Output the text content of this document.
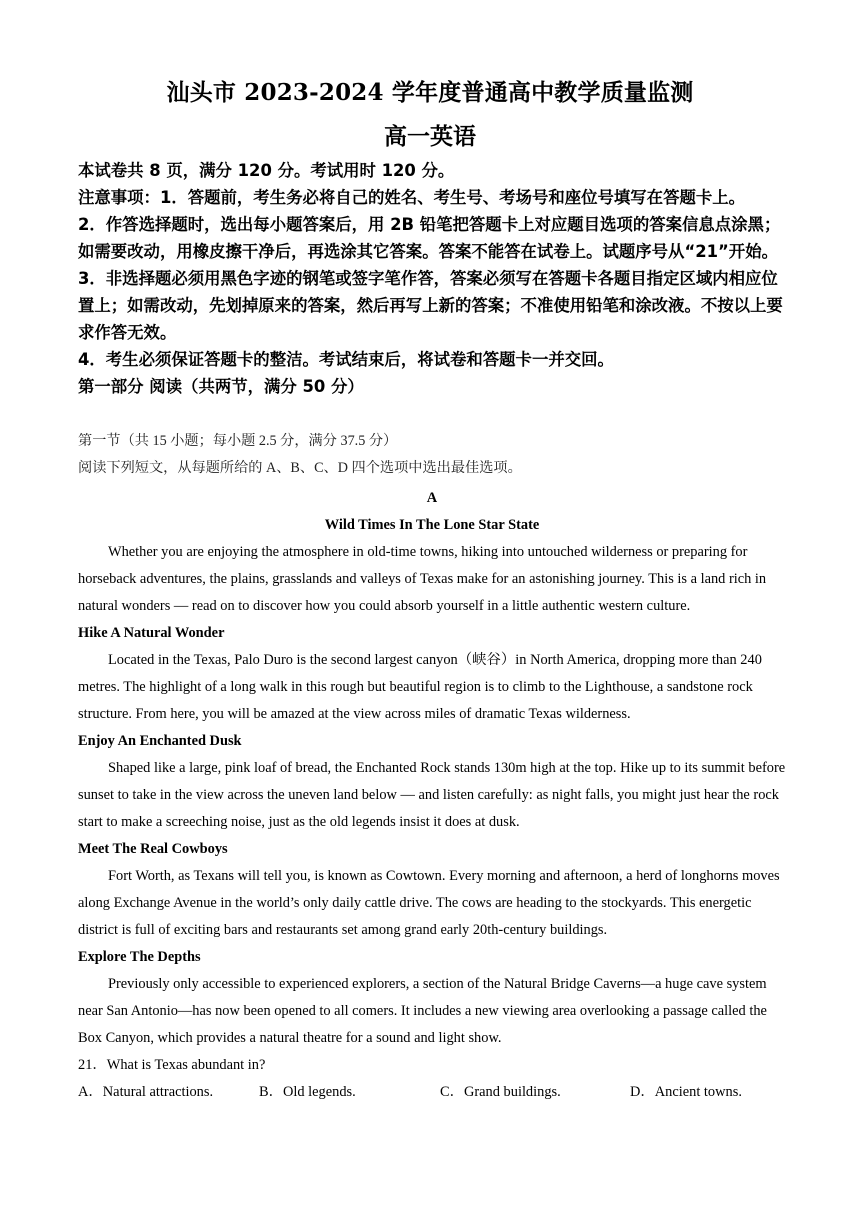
汕头市 2023-2024 学年度普通高中教学质量监测
高一英语

本试卷共 8 页，满分 120 分。考试用时 120 分。

注意事项：1．答题前，考生务必将自己的姓名、考生号、考场号和座位号填写在答题卡上。

2．作答选择题时，选出每小题答案后，用 2B 铅笔把答题卡上对应题目选项的答案信息点涂黑；如需要改动，用橡皮擦干净后，再选涂其它答案。答案不能答在试卷上。试题序号从“21”开始。

3．非选择题必须用黑色字迹的钢笔或签字笔作答，答案必须写在答题卡各题目指定区域内相应位置上；如需改动，先划掉原来的答案，然后再写上新的答案；不准使用铅笔和涂改液。不按以上要求作答无效。

4．考生必须保证答题卡的整洁。考试结束后，将试卷和答题卡一并交回。

第一部分 阅读（共两节，满分 50 分）

第一节（共 15 小题；每小题 2.5 分，满分 37.5 分）
阅读下列短文，从每题所给的 A、B、C、D 四个选项中选出最佳选项。

A

Wild Times In The Lone Star State

Whether you are enjoying the atmosphere in old-time towns, hiking into untouched wilderness or preparing for horseback adventures, the plains, grasslands and valleys of Texas make for an astonishing journey. This is a land rich in natural wonders — read on to discover how you could absorb yourself in a little authentic western culture.

Hike A Natural Wonder

Located in the Texas, Palo Duro is the second largest canyon（峡谷）in North America, dropping more than 240 metres. The highlight of a long walk in this rough but beautiful region is to climb to the Lighthouse, a sandstone rock structure. From here, you will be amazed at the view across miles of dramatic Texas wilderness.

Enjoy An Enchanted Dusk

Shaped like a large, pink loaf of bread, the Enchanted Rock stands 130m high at the top. Hike up to its summit before sunset to take in the view across the uneven land below — and listen carefully: as night falls, you might just hear the rock start to make a screeching noise, just as the old legends insist it does at dusk.

Meet The Real Cowboys

Fort Worth, as Texans will tell you, is known as Cowtown. Every morning and afternoon, a herd of longhorns moves along Exchange Avenue in the world’s only daily cattle drive. The cows are heading to the stockyards. This energetic district is full of exciting bars and restaurants set among grand early 20th-century buildings.

Explore The Depths

Previously only accessible to experienced explorers, a section of the Natural Bridge Caverns—a huge cave system near San Antonio—has now been opened to all comers. It includes a new viewing area overlooking a passage called the Box Canyon, which provides a natural theatre for a sound and light show.

21．What is Texas abundant in?

A．Natural attractions.	B．Old legends.	C．Grand buildings.	D．Ancient towns.
